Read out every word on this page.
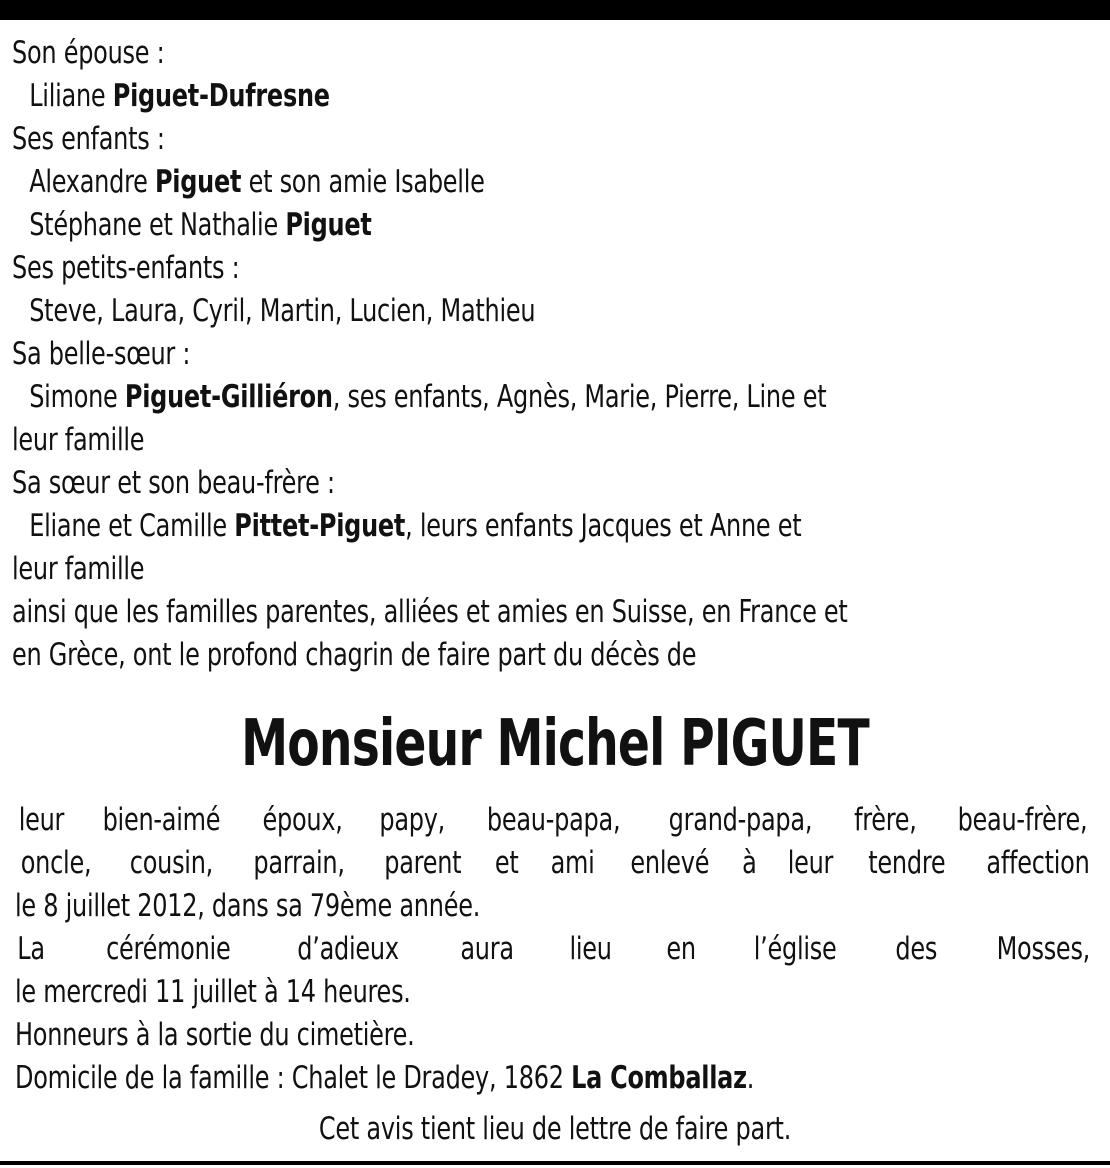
Son épouse :
Liliane Piguet-Dufresne
Ses enfants :
Alexandre Piguet et son amie Isabelle
Stéphane et Nathalie Piguet
Ses petits-enfants :
Steve, Laura, Cyril, Martin, Lucien, Mathieu
Sa belle-sœur :
Simone Piguet-Gilliéron, ses enfants, Agnès, Marie, Pierre, Line et
leur famille
Sa sœur et son beau-frère :
Eliane et Camille Pittet-Piguet, leurs enfants Jacques et Anne et
leur famille
ainsi que les familles parentes, alliées et amies en Suisse, en France et
en Grèce, ont le profond chagrin de faire part du décès de
Monsieur Michel PIGUET
leur bien-aimé époux, papy, beau-papa, grand-papa, frère, beau-frère,
oncle, cousin, parrain, parent et ami enlevé à leur tendre affection
le 8 juillet 2012, dans sa 79ème année.
La cérémonie d’adieux aura lieu en l’église des Mosses,
le mercredi 11 juillet à 14 heures.
Honneurs à la sortie du cimetière.
Domicile de la famille : Chalet le Dradey, 1862 La Comballaz.
Cet avis tient lieu de lettre de faire part.
